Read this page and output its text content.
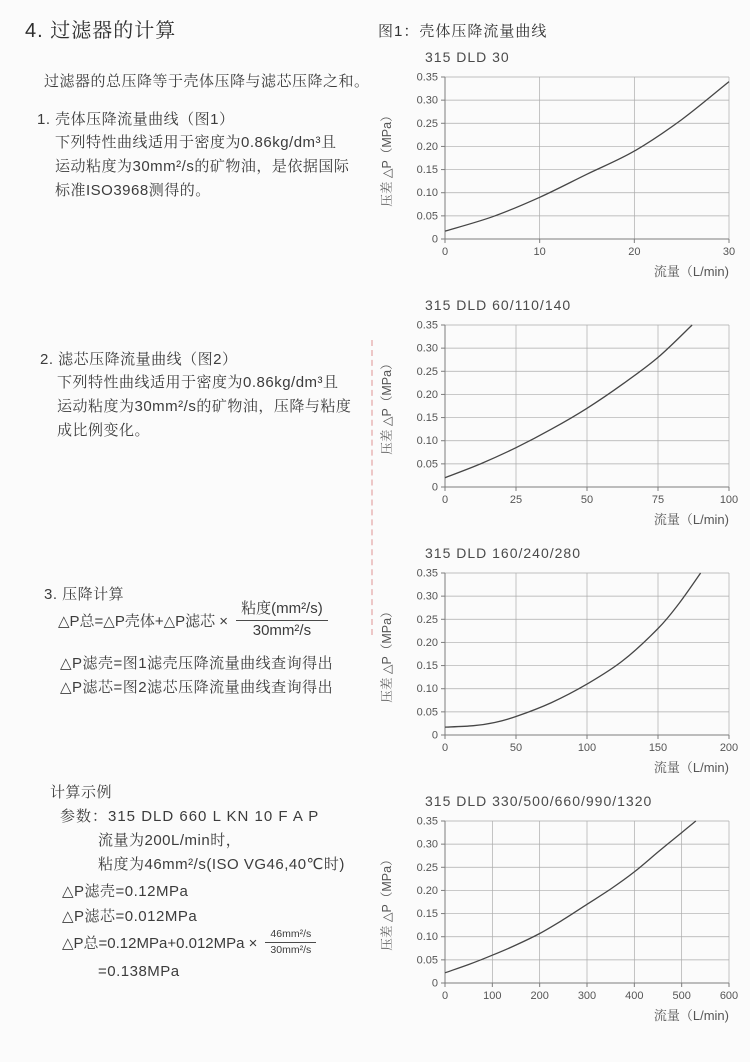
4. 过滤器的计算
过滤器的总压降等于壳体压降与滤芯压降之和。
1. 壳体压降流量曲线（图1）
下列特性曲线适用于密度为0.86kg/dm³且
运动粘度为30mm²/s的矿物油，是依据国际
标准ISO3968测得的。
2. 滤芯压降流量曲线（图2）
下列特性曲线适用于密度为0.86kg/dm³且
运动粘度为30mm²/s的矿物油，压降与粘度
成比例变化。
3. 压降计算
△P总=△P壳体+△P滤芯 × $\frac{\text{粘度(mm²/s)}}{\text{30mm²/s}}$
△P滤壳=图1滤壳压降流量曲线查询得出
△P滤芯=图2滤芯压降流量曲线查询得出
计算示例
参数：315 DLD 660 L KN 10 F A P
流量为200L/min时，
粘度为46mm²/s(ISO VG46,40℃时)
△P滤壳=0.12MPa
△P滤芯=0.012MPa
△P总$=0.12MPa+0.012MPa \times \frac{\text{46mm²/s}}{\text{30mm²/s}}$
=0.138MPa
图1：壳体压降流量曲线
315 DLD 30
0	10	20	30
0
0.05
0.10
0.15
0.20
0.25
0.30
0.35
压差 △P（MPa）
流量（L/min)
315 DLD 60/110/140
0	25	50	75	100
0
0.05
0.10
0.15
0.20
0.25
0.30
0.35
压差 △P（MPa）
流量（L/min)
315 DLD 160/240/280
0	50	100	150	200
0
0.05
0.10
0.15
0.20
0.25
0.30
0.35
压差 △P（MPa）
流量（L/min)
315 DLD 330/500/660/990/1320
0	100	200	300	400	500	600
0
0.05
0.10
0.15
0.20
0.25
0.30
0.35
压差 △P（MPa）
流量（L/min)
